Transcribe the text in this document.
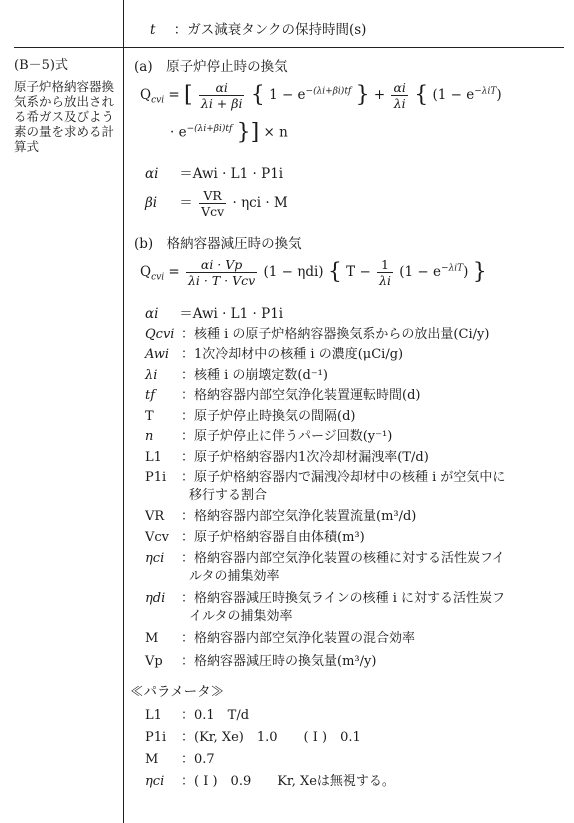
t ：ガス減衰タンクの保持時間(s)
(B－5)式
原子炉格納容器換気系から放出される希ガス及びよう素の量を求める計算式
(a)　原子炉停止時の換気
$Q_{cvi}$ = [ $\frac{\alpha i}{\lambda i + \beta i}$ { $1 - e^{-(\lambda i+\beta i)tf}$ } + $\frac{\alpha i}{\lambda i}$ { $(1 - e^{-\lambda iT})$
· $e^{-(\lambda i+\beta i)tf}$ }] × n
αi ＝Awi · L1 · P1i
$\beta i = \frac{VR}{\text{Vcv}} \cdot \eta ci \cdot M$
(b)　格納容器減圧時の換気
$Q_{cvi} = \frac{\alpha i \cdot Vp}{\text{λi · T · Vcv}} (1 - \eta di)$ { $T - \frac{1}{\lambda i} (1 - e^{-\lambda iT})$ }
αi ＝Awi · L1 · P1i
Qcvi ：核種 i の原子炉格納容器換気系からの放出量(Ci/y)
Awi ：1次冷却材中の核種 i の濃度(μCi/g)
λi ：核種 i の崩壊定数(d⁻¹)
tf ：格納容器内部空気浄化装置運転時間(d)
T ：原子炉停止時換気の間隔(d)
n ：原子炉停止に伴うパージ回数(y⁻¹)
L1 ：原子炉格納容器内1次冷却材漏洩率(T/d)
P1i ：原子炉格納容器内で漏洩冷却材中の核種 i が空気中に
移行する割合
VR ：格納容器内部空気浄化装置流量(m³/d)
Vcv ：原子炉格納容器自由体積(m³)
ηci ：格納容器内部空気浄化装置の核種に対する活性炭フイ
ルタの捕集効率
ηdi ：格納容器減圧時換気ラインの核種 i に対する活性炭フ
イルタの捕集効率
M ：格納容器内部空気浄化装置の混合効率
Vp ：格納容器減圧時の換気量(m³/y)
≪パラメータ≫
L1 ：0.1　T/d
P1i ：(Kr, Xe)　1.0　　( I )　0.1
M ：0.7
ηci ：( I )　0.9　　Kr, Xeは無視する。
